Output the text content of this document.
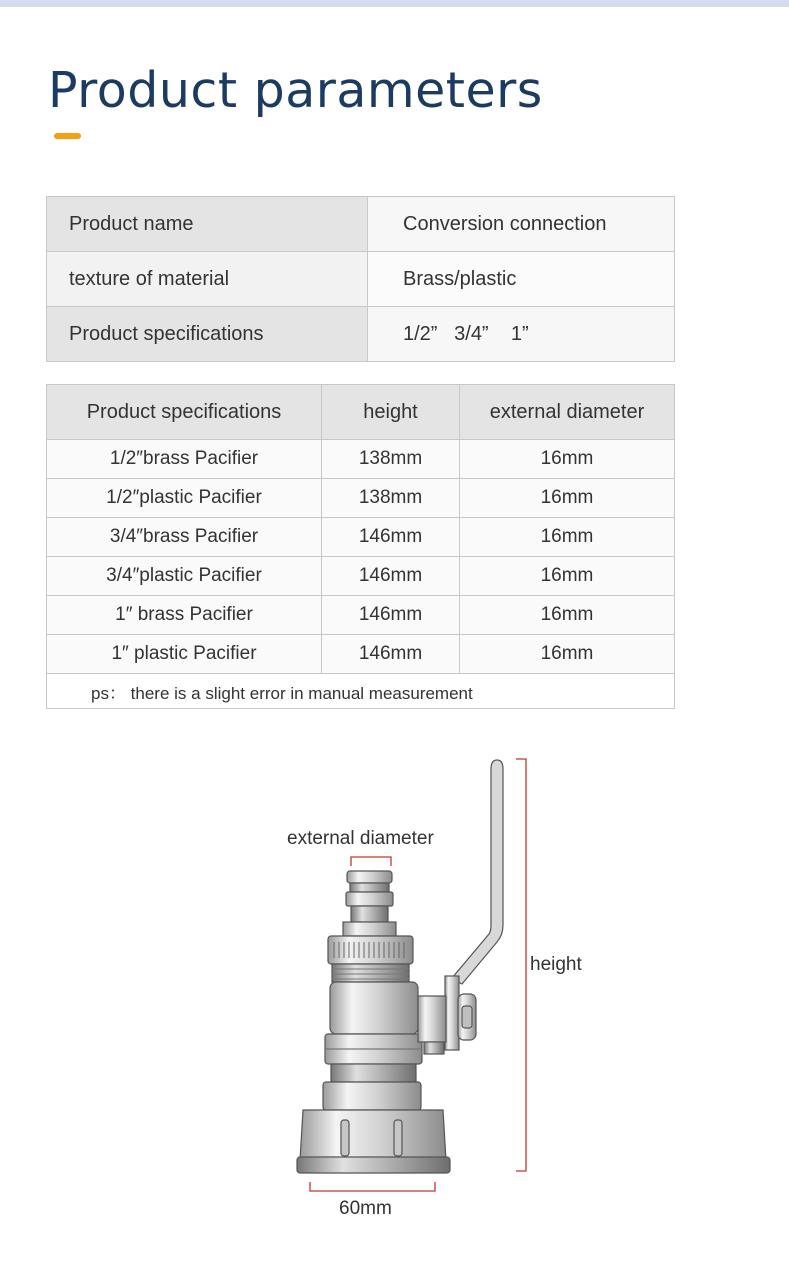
Product parameters
Product name	Conversion connection
texture of material	Brass/plastic
Product specifications	1/2”   3/4”    1”
Product specifications	height	external diameter
1/2″brass Pacifier	138mm	16mm
1/2″plastic Pacifier	138mm	16mm
3/4″brass Pacifier	146mm	16mm
3/4″plastic Pacifier	146mm	16mm
1″ brass Pacifier	146mm	16mm
1″ plastic Pacifier	146mm	16mm
ps： there is a slight error in manual measurement		
external diameter
height
60mm
